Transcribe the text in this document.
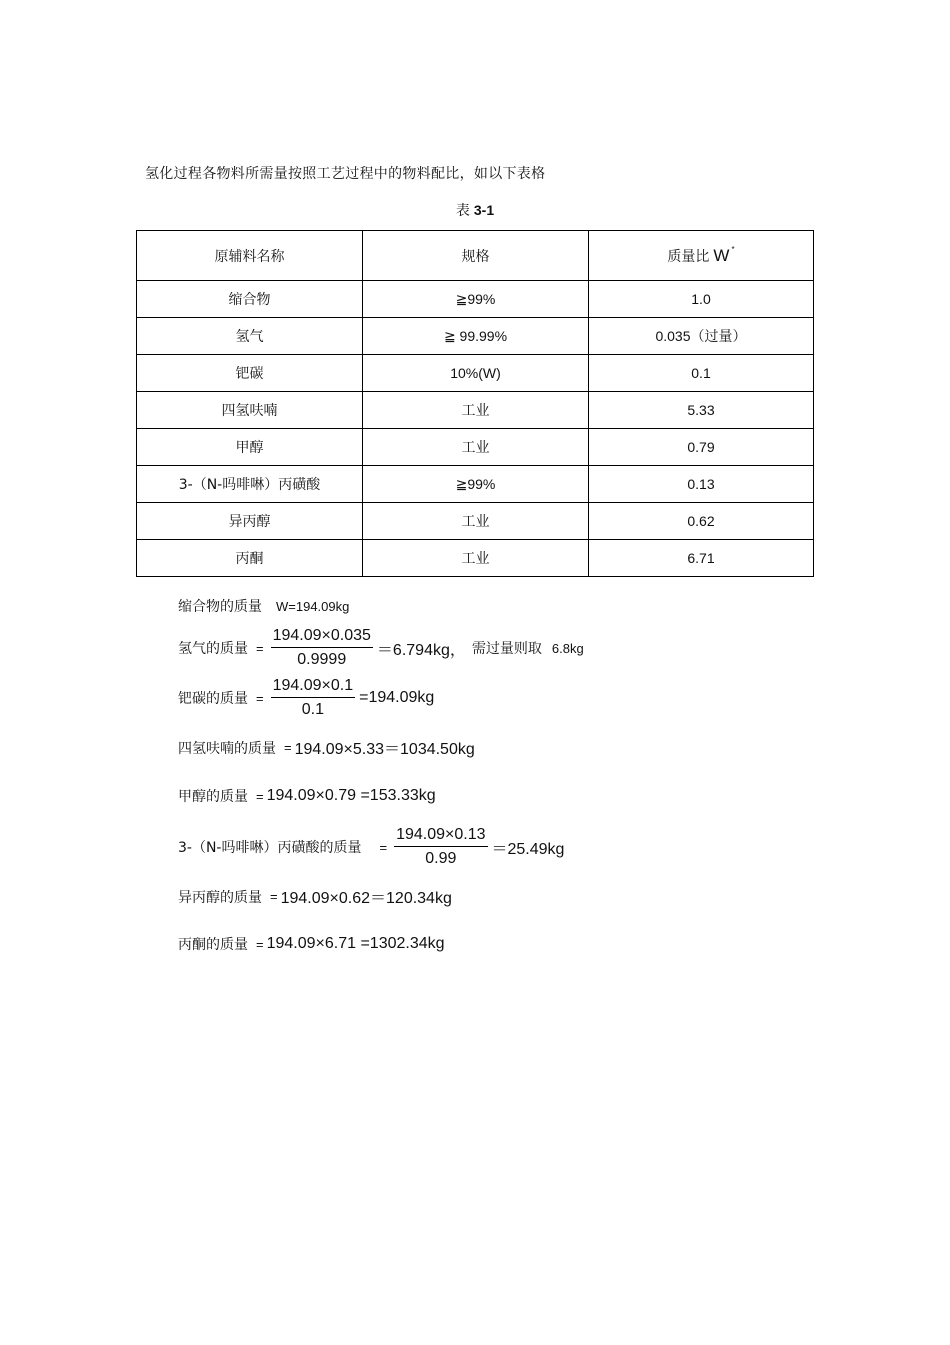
氢化过程各物料所需量按照工艺过程中的物料配比，如以下表格
表 3-1
原辅料名称	规格	质量比 W *
缩合物	≧99%	1.0
氢气	≧ 99.99%	0.035（过量）
钯碳	10%(W)	0.1
四氢呋喃	工业	5.33
甲醇	工业	0.79
3-（N-吗啡啉）丙磺酸	≧99%	0.13
异丙醇	工业	0.62
丙酮	工业	6.71
缩合物的质量 W=194.09kg
氢气的质量 = $\frac{194.09\times 0.035}{0.9999} =6.794kg$， 需过量则取 6.8kg
钯碳的质量 = $\frac{194.09\times 0.1}{0.1} =194.09kg$
四氢呋喃的质量 = 194.09×5.33＝1034.50kg
甲醇的质量 = 194.09×0.79 =153.33kg
3-（N-吗啡啉）丙磺酸的质量 = $\frac{194.09\times 0.13}{0.99} =25.49kg$
异丙醇的质量 = 194.09×0.62＝120.34kg
丙酮的质量 = 194.09×6.71 =1302.34kg
